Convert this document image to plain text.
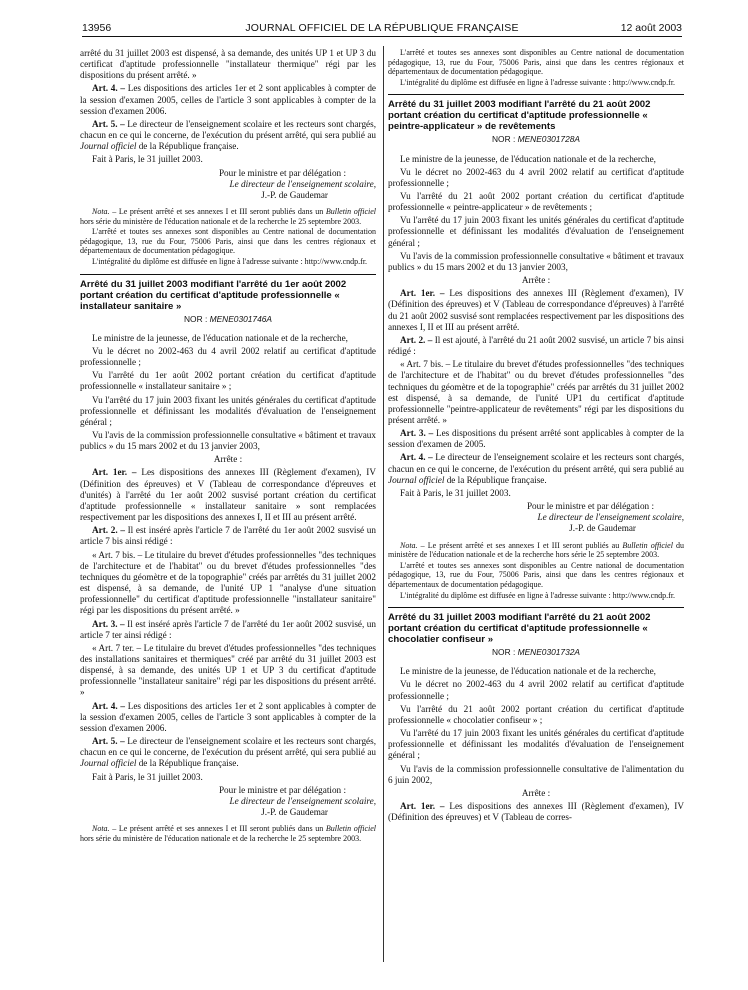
13956	JOURNAL OFFICIEL DE LA RÉPUBLIQUE FRANÇAISE	12 août 2003

arrêté du 31 juillet 2003 est dispensé, à sa demande, des unités UP 1 et UP 3 du certificat d'aptitude professionnelle "installateur thermique" régi par les dispositions du présent arrêté. »

Art. 4. – Les dispositions des articles 1er et 2 sont applicables à compter de la session d'examen 2005, celles de l'article 3 sont applicables à compter de la session d'examen 2006.

Art. 5. – Le directeur de l'enseignement scolaire et les recteurs sont chargés, chacun en ce qui le concerne, de l'exécution du présent arrêté, qui sera publié au Journal officiel de la République française.

Fait à Paris, le 31 juillet 2003.

Pour le ministre et par délégation :

Le directeur de l'enseignement scolaire,

J.-P. de Gaudemar

Nota. – Le présent arrêté et ses annexes I et III seront publiés dans un Bulletin officiel hors série du ministère de l'éducation nationale et de la recherche le 25 septembre 2003.

L'arrêté et toutes ses annexes sont disponibles au Centre national de documentation pédagogique, 13, rue du Four, 75006 Paris, ainsi que dans les centres régionaux et départementaux de documentation pédagogique.

L'intégralité du diplôme est diffusée en ligne à l'adresse suivante : http://www.cndp.fr.

Arrêté du 31 juillet 2003 modifiant l'arrêté du 1er août 2002 portant création du certificat d'aptitude professionnelle « installateur sanitaire »

NOR : MENE0301746A

Le ministre de la jeunesse, de l'éducation nationale et de la recherche,

Vu le décret no 2002-463 du 4 avril 2002 relatif au certificat d'aptitude professionnelle ;

Vu l'arrêté du 1er août 2002 portant création du certificat d'aptitude professionnelle « installateur sanitaire » ;

Vu l'arrêté du 17 juin 2003 fixant les unités générales du certificat d'aptitude professionnelle et définissant les modalités d'évaluation de l'enseignement général ;

Vu l'avis de la commission professionnelle consultative « bâtiment et travaux publics » du 15 mars 2002 et du 13 janvier 2003,

Arrête :

Art. 1er. – Les dispositions des annexes III (Règlement d'examen), IV (Définition des épreuves) et V (Tableau de correspondance d'épreuves et d'unités) à l'arrêté du 1er août 2002 susvisé portant création du certificat d'aptitude professionnelle « installateur sanitaire » sont remplacées respectivement par les dispositions des annexes I, II et III au présent arrêté.

Art. 2. – Il est inséré après l'article 7 de l'arrêté du 1er août 2002 susvisé un article 7 bis ainsi rédigé :

« Art. 7 bis. – Le titulaire du brevet d'études professionnelles "des techniques de l'architecture et de l'habitat" ou du brevet d'études professionnelles "des techniques du géomètre et de la topographie" créés par arrêtés du 31 juillet 2002 est dispensé, à sa demande, de l'unité UP 1 "analyse d'une situation professionnelle" du certificat d'aptitude professionnelle "installateur sanitaire" régi par les dispositions du présent arrêté. »

Art. 3. – Il est inséré après l'article 7 de l'arrêté du 1er août 2002 susvisé, un article 7 ter ainsi rédigé :

« Art. 7 ter. – Le titulaire du brevet d'études professionnelles "des techniques des installations sanitaires et thermiques" créé par arrêté du 31 juillet 2003 est dispensé, à sa demande, des unités UP 1 et UP 3 du certificat d'aptitude professionnelle "installateur sanitaire" régi par les dispositions du présent arrêté. »

Art. 4. – Les dispositions des articles 1er et 2 sont applicables à compter de la session d'examen 2005, celles de l'article 3 sont applicables à compter de la session d'examen 2006.

Art. 5. – Le directeur de l'enseignement scolaire et les recteurs sont chargés, chacun en ce qui le concerne, de l'exécution du présent arrêté, qui sera publié au Journal officiel de la République française.

Fait à Paris, le 31 juillet 2003.

Pour le ministre et par délégation :

Le directeur de l'enseignement scolaire,

J.-P. de Gaudemar

Nota. – Le présent arrêté et ses annexes I et III seront publiés dans un Bulletin officiel hors série du ministère de l'éducation nationale et de la recherche le 25 septembre 2003.

L'arrêté et toutes ses annexes sont disponibles au Centre national de documentation pédagogique, 13, rue du Four, 75006 Paris, ainsi que dans les centres régionaux et départementaux de documentation pédagogique.

L'intégralité du diplôme est diffusée en ligne à l'adresse suivante : http://www.cndp.fr.

Arrêté du 31 juillet 2003 modifiant l'arrêté du 21 août 2002 portant création du certificat d'aptitude professionnelle « peintre-applicateur » de revêtements

NOR : MENE0301728A

Le ministre de la jeunesse, de l'éducation nationale et de la recherche,

Vu le décret no 2002-463 du 4 avril 2002 relatif au certificat d'aptitude professionnelle ;

Vu l'arrêté du 21 août 2002 portant création du certificat d'aptitude professionnelle « peintre-applicateur » de revêtements ;

Vu l'arrêté du 17 juin 2003 fixant les unités générales du certificat d'aptitude professionnelle et définissant les modalités d'évaluation de l'enseignement général ;

Vu l'avis de la commission professionnelle consultative « bâtiment et travaux publics » du 15 mars 2002 et du 13 janvier 2003,

Arrête :

Art. 1er. – Les dispositions des annexes III (Règlement d'examen), IV (Définition des épreuves) et V (Tableau de correspondance d'épreuves) à l'arrêté du 21 août 2002 susvisé sont remplacées respectivement par les dispositions des annexes I, II et III au présent arrêté.

Art. 2. – Il est ajouté, à l'arrêté du 21 août 2002 susvisé, un article 7 bis ainsi rédigé :

« Art. 7 bis. – Le titulaire du brevet d'études professionnelles "des techniques de l'architecture et de l'habitat" ou du brevet d'études professionnelles "des techniques du géomètre et de la topographie" créés par arrêtés du 31 juillet 2002 est dispensé, à sa demande, de l'unité UP1 du certificat d'aptitude professionnelle "peintre-applicateur de revêtements" régi par les dispositions du présent arrêté. »

Art. 3. – Les dispositions du présent arrêté sont applicables à compter de la session d'examen de 2005.

Art. 4. – Le directeur de l'enseignement scolaire et les recteurs sont chargés, chacun en ce qui le concerne, de l'exécution du présent arrêté, qui sera publié au Journal officiel de la République française.

Fait à Paris, le 31 juillet 2003.

Pour le ministre et par délégation :

Le directeur de l'enseignement scolaire,

J.-P. de Gaudemar

Nota. – Le présent arrêté et ses annexes I et III seront publiés au Bulletin officiel du ministère de l'éducation nationale et de la recherche hors série le 25 septembre 2003.

L'arrêté et toutes ses annexes sont disponibles au Centre national de documentation pédagogique, 13, rue du Four, 75006 Paris, ainsi que dans les centres régionaux et départementaux de documentation pédagogique.

L'intégralité du diplôme est diffusée en ligne à l'adresse suivante : http://www.cndp.fr.

Arrêté du 31 juillet 2003 modifiant l'arrêté du 21 août 2002 portant création du certificat d'aptitude professionnelle « chocolatier confiseur »

NOR : MENE0301732A

Le ministre de la jeunesse, de l'éducation nationale et de la recherche,

Vu le décret no 2002-463 du 4 avril 2002 relatif au certificat d'aptitude professionnelle ;

Vu l'arrêté du 21 août 2002 portant création du certificat d'aptitude professionnelle « chocolatier confiseur » ;

Vu l'arrêté du 17 juin 2003 fixant les unités générales du certificat d'aptitude professionnelle et définissant les modalités d'évaluation de l'enseignement général ;

Vu l'avis de la commission professionnelle consultative de l'alimentation du 6 juin 2002,

Arrête :

Art. 1er. – Les dispositions des annexes III (Règlement d'examen), IV (Définition des épreuves) et V (Tableau de corres-
